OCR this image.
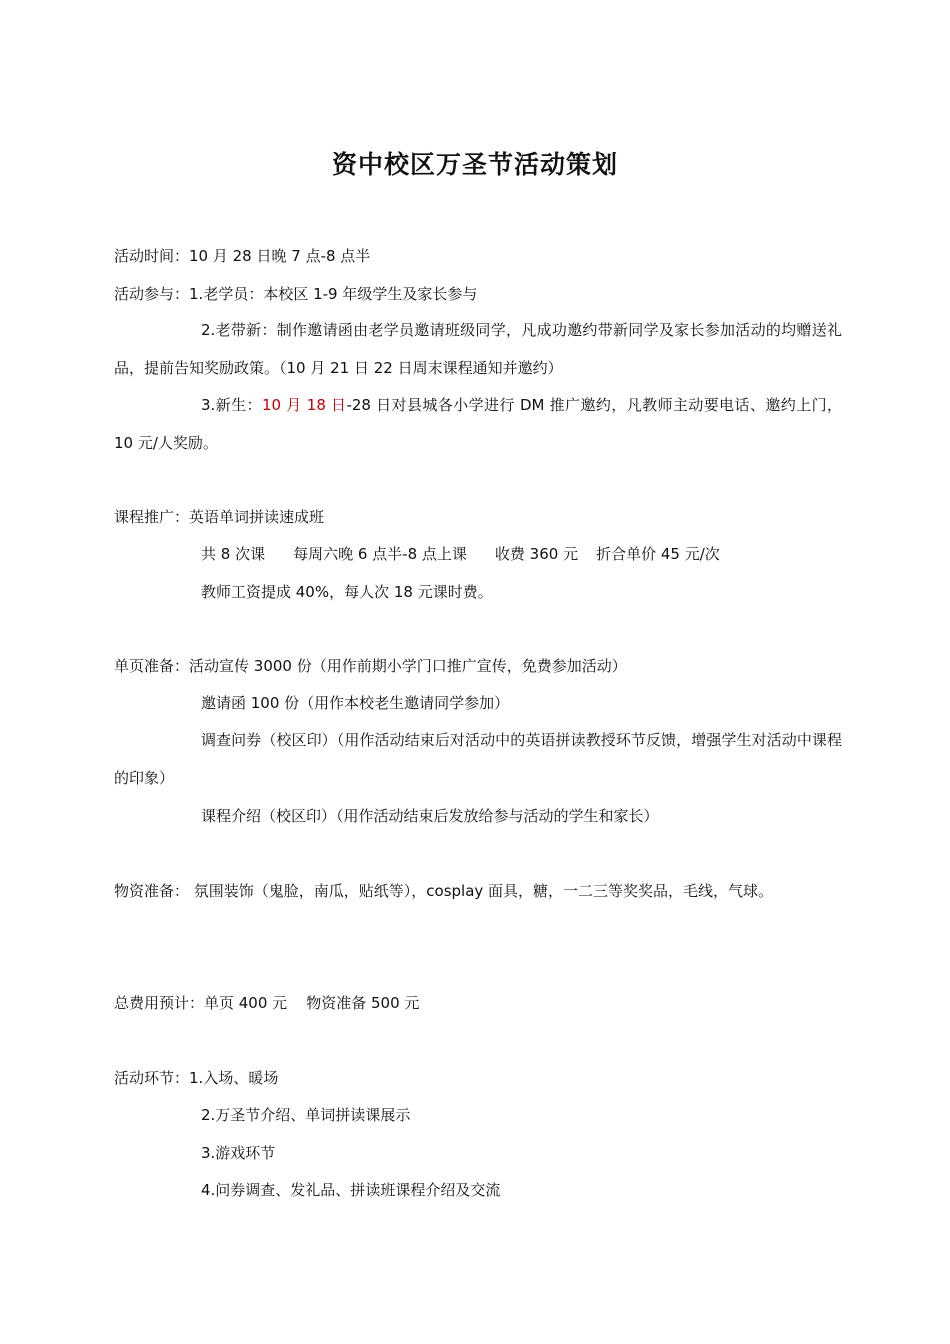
资中校区万圣节活动策划
活动时间：10 月 28 日晚 7 点-8 点半
活动参与：1.老学员：本校区 1-9 年级学生及家长参与
2.老带新：制作邀请函由老学员邀请班级同学，凡成功邀约带新同学及家长参加活动的均赠送礼品，提前告知奖励政策。（10 月 21 日 22 日周末课程通知并邀约）
3.新生：10 月 18 日-28 日对县城各小学进行 DM 推广邀约，凡教师主动要电话、邀约上门，10 元/人奖励。
课程推广：英语单词拼读速成班
共 8 次课 每周六晚 6 点半-8 点上课 收费 360 元 折合单价 45 元/次
教师工资提成 40%，每人次 18 元课时费。
单页准备：活动宣传 3000 份（用作前期小学门口推广宣传，免费参加活动）
邀请函 100 份（用作本校老生邀请同学参加）
调查问券（校区印）（用作活动结束后对活动中的英语拼读教授环节反馈，增强学生对活动中课程的印象）
课程介绍（校区印）（用作活动结束后发放给参与活动的学生和家长）
物资准备： 氛围装饰（鬼脸，南瓜，贴纸等），cosplay 面具，糖，一二三等奖奖品，毛线，气球。
总费用预计：单页 400 元    物资准备 500 元
活动环节：1.入场、暖场
2.万圣节介绍、单词拼读课展示
3.游戏环节
4.问券调查、发礼品、拼读班课程介绍及交流
